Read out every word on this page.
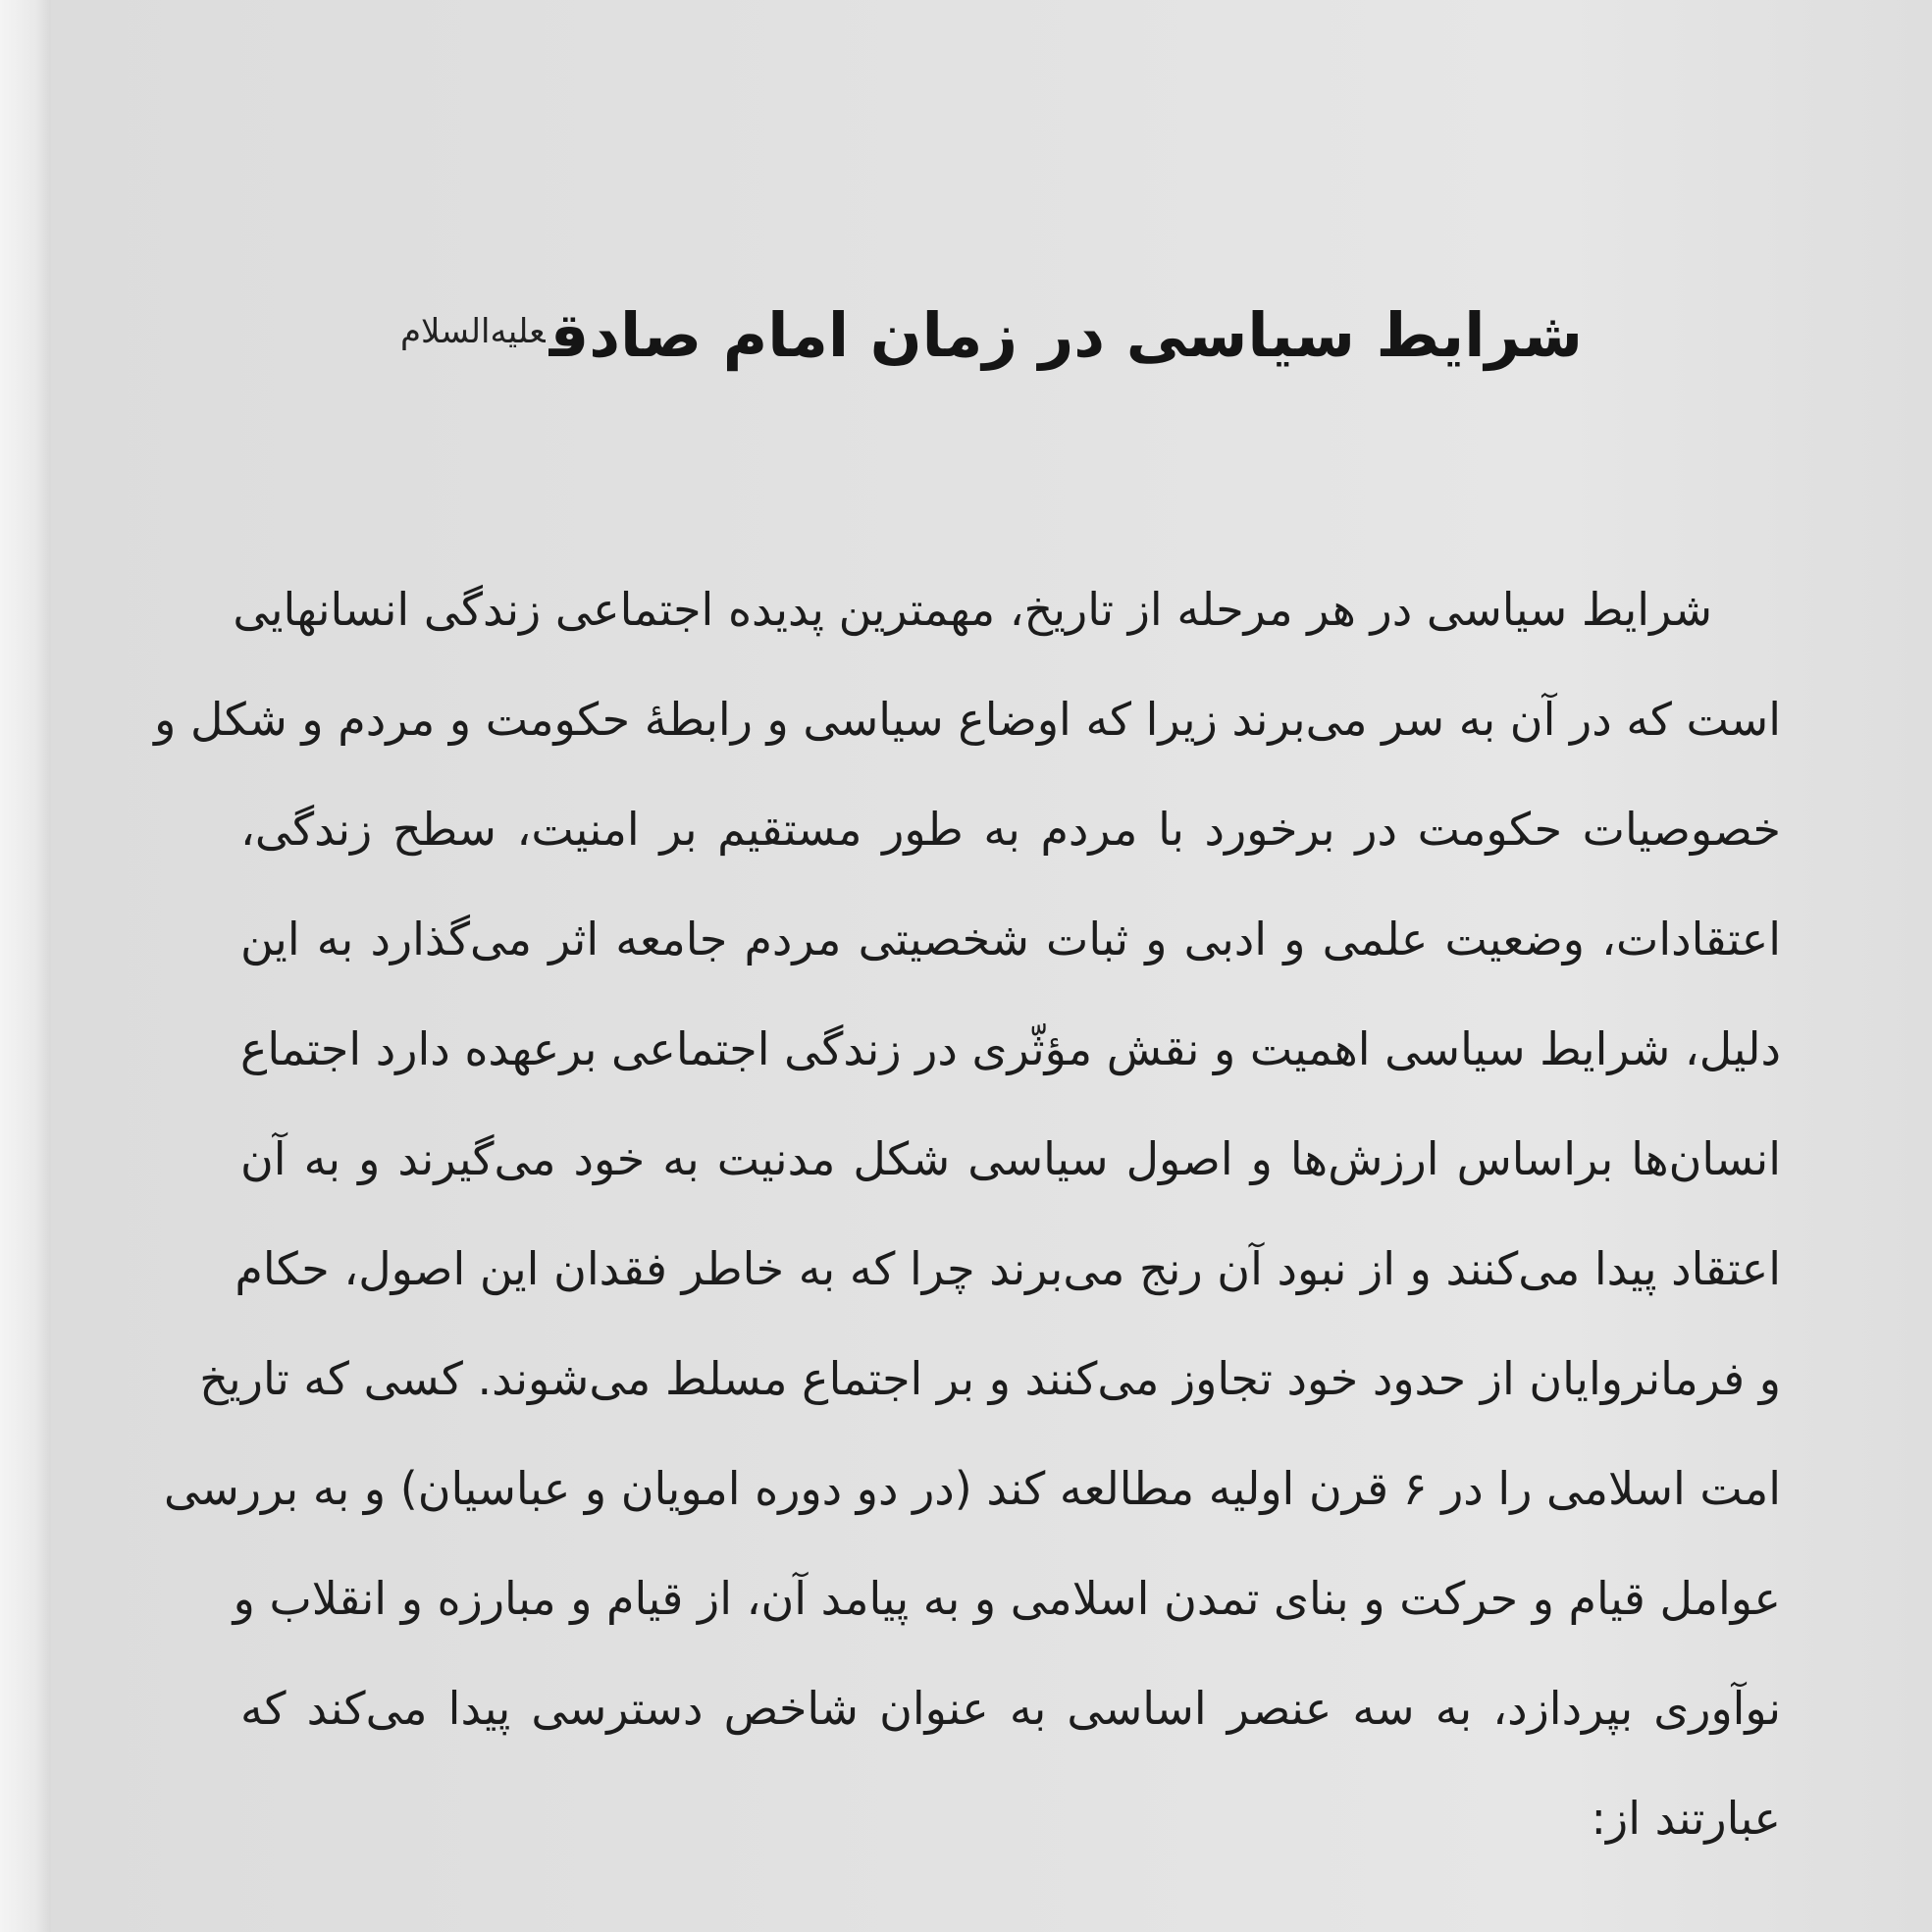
شرایط سیاسی در زمان امام صادق$^{علیه‌السلام}$
شرایط سیاسی در هر مرحله از تاریخ، مهمترین پدیده اجتماعی زندگی انسانهایی
است که در آن به سر می‌برند زیرا که اوضاع سیاسی و رابطهٔ حکومت و مردم و شکل و
خصوصیات حکومت در برخورد با مردم به طور مستقیم بر امنیت، سطح زندگی،
اعتقادات، وضعیت علمی و ادبی و ثبات شخصیتی مردم جامعه اثر می‌گذارد به این
دلیل، شرایط سیاسی اهمیت و نقش مؤثّری در زندگی اجتماعی برعهده دارد اجتماع
انسان‌ها براساس ارزش‌ها و اصول سیاسی شکل مدنیت به خود می‌گیرند و به آن
اعتقاد پیدا می‌کنند و از نبود آن رنج می‌برند چرا که به خاطر فقدان این اصول، حکام
و فرمانروایان از حدود خود تجاوز می‌کنند و بر اجتماع مسلط می‌شوند. کسی که تاریخ
امت اسلامی را در ۶ قرن اولیه مطالعه کند (در دو دوره امویان و عباسیان) و به بررسی
عوامل قیام و حرکت و بنای تمدن اسلامی و به پیامد آن، از قیام و مبارزه و انقلاب و
نوآوری بپردازد، به سه عنصر اساسی به عنوان شاخص دسترسی پیدا می‌کند که
عبارتند از:
